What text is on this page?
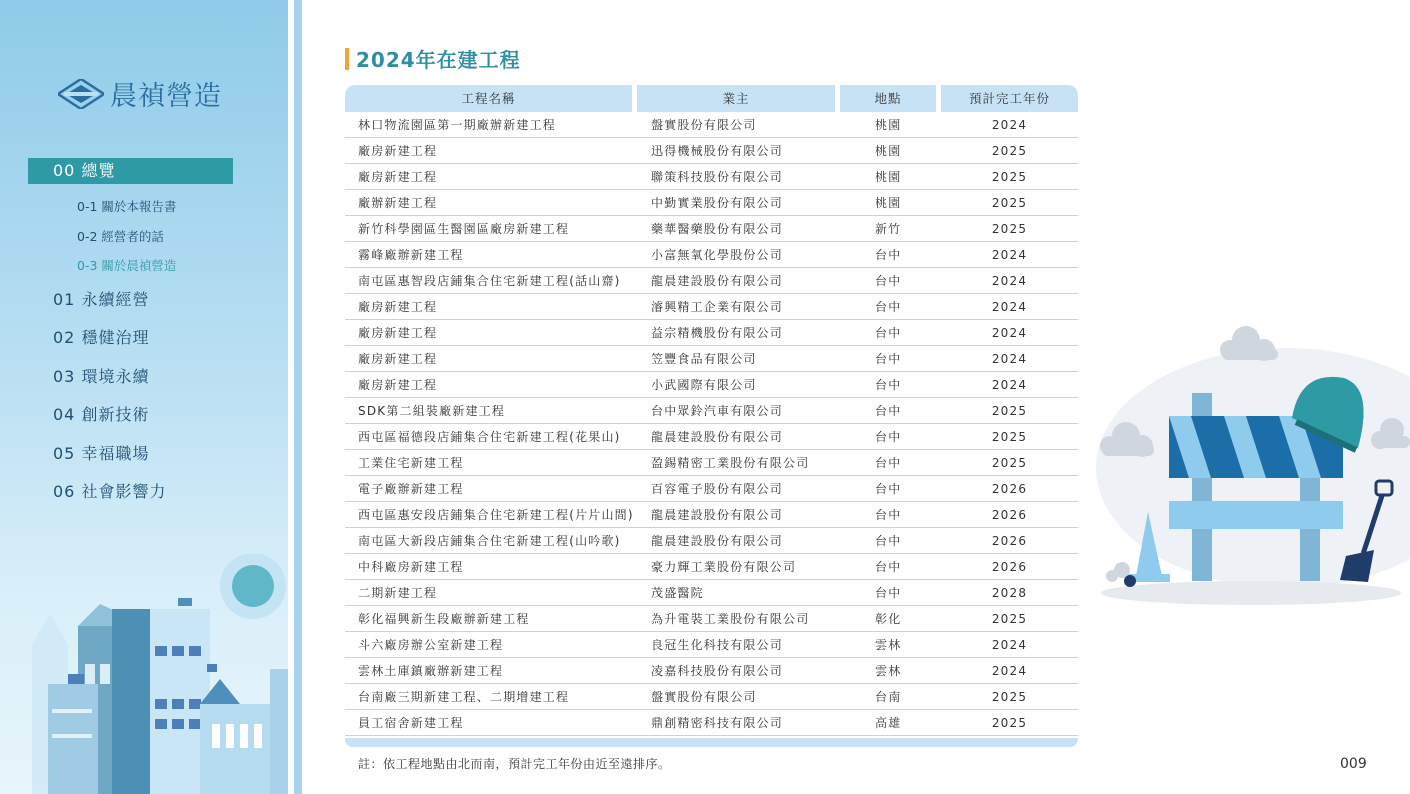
晨禎營造
00 總覽
0-1 關於本報告書
0-2 經營者的話
0-3 關於晨禎營造
01 永續經營
02 穩健治理
03 環境永續
04 創新技術
05 幸福職場
06 社會影響力
2024年在建工程
工程名稱	業主	地點	預計完工年份
林口物流園區第一期廠辦新建工程	盤實股份有限公司	桃園	2024
廠房新建工程	迅得機械股份有限公司	桃園	2025
廠房新建工程	聯策科技股份有限公司	桃園	2025
廠辦新建工程	中勤實業股份有限公司	桃園	2025
新竹科學園區生醫園區廠房新建工程	藥華醫藥股份有限公司	新竹	2025
霧峰廠辦新建工程	小富無氧化學股份公司	台中	2024
南屯區惠智段店鋪集合住宅新建工程(話山齋)	龍晨建設股份有限公司	台中	2024
廠房新建工程	濬興精工企業有限公司	台中	2024
廠房新建工程	益宗精機股份有限公司	台中	2024
廠房新建工程	笠豐食品有限公司	台中	2024
廠房新建工程	小武國際有限公司	台中	2024
SDK第二組裝廠新建工程	台中眾鈴汽車有限公司	台中	2025
西屯區福德段店鋪集合住宅新建工程(花果山)	龍晨建設股份有限公司	台中	2025
工業住宅新建工程	盈錫精密工業股份有限公司	台中	2025
電子廠辦新建工程	百容電子股份有限公司	台中	2026
西屯區惠安段店鋪集合住宅新建工程(片片山間)	龍晨建設股份有限公司	台中	2026
南屯區大新段店鋪集合住宅新建工程(山吟歌)	龍晨建設股份有限公司	台中	2026
中科廠房新建工程	豪力輝工業股份有限公司	台中	2026
二期新建工程	茂盛醫院	台中	2028
彰化福興新生段廠辦新建工程	為升電裝工業股份有限公司	彰化	2025
斗六廠房辦公室新建工程	良冠生化科技有限公司	雲林	2024
雲林土庫鎮廠辦新建工程	凌嘉科技股份有限公司	雲林	2024
台南廠三期新建工程、二期增建工程	盤實股份有限公司	台南	2025
員工宿舍新建工程	鼎創精密科技有限公司	高雄	2025
註：依工程地點由北而南，預計完工年份由近至遠排序。	009
